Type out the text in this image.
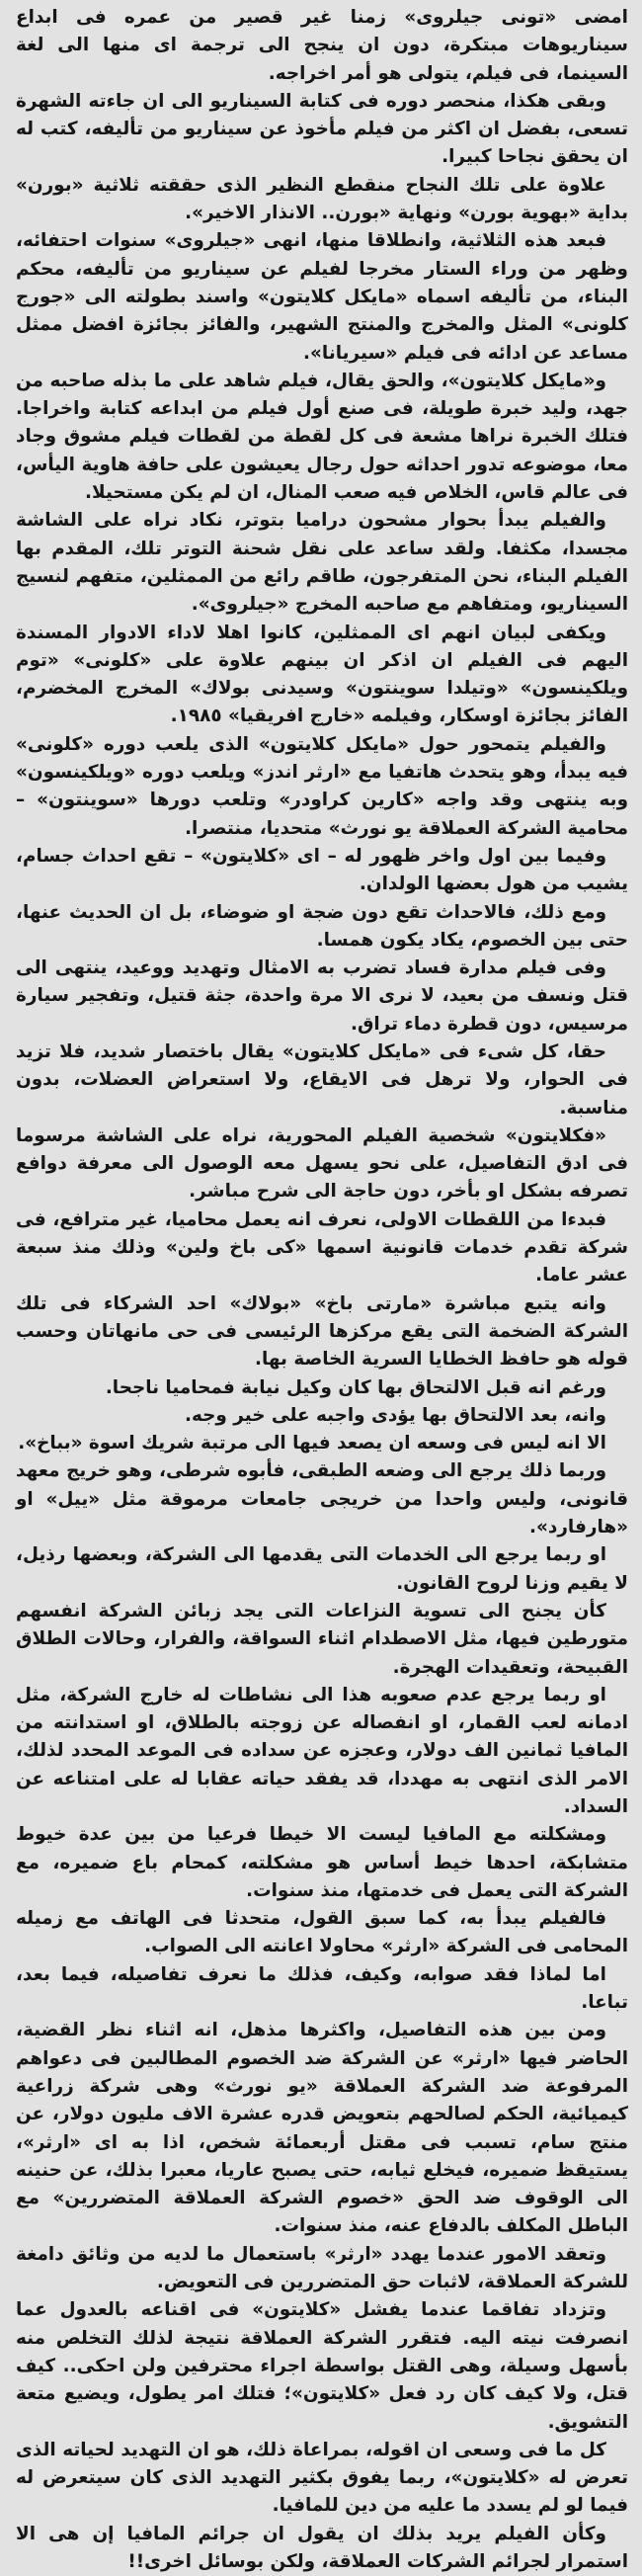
امضى «تونى جيلروى» زمنا غير قصير من عمره فى ابداع سيناريوهات مبتكرة، دون ان ينجح الى ترجمة اى منها الى لغة السينما، فى فيلم، يتولى هو أمر اخراجه.

وبقى هكذا، منحصر دوره فى كتابة السيناريو الى ان جاءته الشهرة تسعى، بفضل ان اكثر من فيلم مأخوذ عن سيناريو من تأليفه، كتب له ان يحقق نجاحا كبيرا.

علاوة على تلك النجاح منقطع النظير الذى حققته ثلاثية «بورن» بداية «بهوية بورن» ونهاية «بورن.. الانذار الاخير».

فبعد هذه الثلاثية، وانطلاقا منها، انهى «جيلروى» سنوات احتفائه، وظهر من وراء الستار مخرجا لفيلم عن سيناريو من تأليفه، محكم البناء، من تأليفه اسماه «مايكل كلايتون» واسند بطولته الى «جورج كلونى» المثل والمخرج والمنتج الشهير، والفائز بجائزة افضل ممثل مساعد عن ادائه فى فيلم «سيريانا».

و«مايكل كلايتون»، والحق يقال، فيلم شاهد على ما بذله صاحبه من جهد، وليد خبرة طويلة، فى صنع أول فيلم من ابداعه كتابة واخراجا. فتلك الخبرة نراها مشعة فى كل لقطة من لقطات فيلم مشوق وجاد معا، موضوعه تدور احداثه حول رجال يعيشون على حافة هاوية اليأس، فى عالم قاس، الخلاص فيه صعب المنال، ان لم يكن مستحيلا.

والفيلم يبدأ بحوار مشحون دراميا بتوتر، نكاد نراه على الشاشة مجسدا، مكثفا. ولقد ساعد على نقل شحنة التوتر تلك، المقدم بها الفيلم البناء، نحن المتفرجون، طاقم رائع من الممثلين، متفهم لنسيج السيناريو، ومتفاهم مع صاحبه المخرج «جيلروى».

ويكفى لبيان انهم اى الممثلين، كانوا اهلا لاداء الادوار المسندة اليهم فى الفيلم ان اذكر ان بينهم علاوة على «كلونى» «توم ويلكينسون» «وتيلدا سوينتون» وسيدنى بولاك» المخرج المخضرم، الفائز بجائزة اوسكار، وفيلمه «خارج افريقيا» ١٩٨٥.

والفيلم يتمحور حول «مايكل كلايتون» الذى يلعب دوره «كلونى» فيه يبدأ، وهو يتحدث هاتفيا مع «ارثر اندز» ويلعب دوره «ويلكينسون» وبه ينتهى وقد واجه «كارين كراودر» وتلعب دورها «سوينتون» – محامية الشركة العملاقة يو نورث» متحديا، منتصرا.

وفيما بين اول واخر ظهور له – اى «كلايتون» – تقع احداث جسام، يشيب من هول بعضها الولدان.

ومع ذلك، فالاحداث تقع دون ضجة او ضوضاء، بل ان الحديث عنها، حتى بين الخصوم، يكاد يكون همسا.

وفى فيلم مدارة فساد تضرب به الامثال وتهديد ووعيد، ينتهى الى قتل ونسف من بعيد، لا نرى الا مرة واحدة، جثة قتيل، وتفجير سيارة مرسيس، دون قطرة دماء تراق.

حقا، كل شىء فى «مايكل كلايتون» يقال باختصار شديد، فلا تزيد فى الحوار، ولا ترهل فى الايقاع، ولا استعراض العضلات، بدون مناسبة.

«فكلايتون» شخصية الفيلم المحورية، نراه على الشاشة مرسوما فى ادق التفاصيل، على نحو يسهل معه الوصول الى معرفة دوافع تصرفه بشكل او بأخر، دون حاجة الى شرح مباشر.

فبدءا من اللقطات الاولى، نعرف انه يعمل محاميا، غير مترافع، فى شركة تقدم خدمات قانونية اسمها «كى باخ ولين» وذلك منذ سبعة عشر عاما.

وانه يتبع مباشرة «مارتى باخ» «بولاك» احد الشركاء فى تلك الشركة الضخمة التى يقع مركزها الرئيسى فى حى مانهاتان وحسب قوله هو حافظ الخطايا السرية الخاصة بها.

ورغم انه قبل الالتحاق بها كان وكيل نيابة فمحاميا ناجحا.

وانه، بعد الالتحاق بها يؤدى واجبه على خير وجه.

الا انه ليس فى وسعه ان يصعد فيها الى مرتبة شريك اسوة «بباخ».

وربما ذلك يرجع الى وضعه الطبقى، فأبوه شرطى، وهو خريج معهد قانونى، وليس واحدا من خريجى جامعات مرموقة مثل «ييل» او «هارفارد».

او ربما يرجع الى الخدمات التى يقدمها الى الشركة، وبعضها رذيل، لا يقيم وزنا لروح القانون.

كأن يجنح الى تسوية النزاعات التى يجد زبائن الشركة انفسهم متورطين فيها، مثل الاصطدام اثناء السواقة، والفرار، وحالات الطلاق القبيحة، وتعقيدات الهجرة.

او ربما يرجع عدم صعوبه هذا الى نشاطات له خارج الشركة، مثل ادمانه لعب القمار، او انفصاله عن زوجته بالطلاق، او استدانته من المافيا ثمانين الف دولار، وعجزه عن سداده فى الموعد المحدد لذلك، الامر الذى انتهى به مهددا، قد يفقد حياته عقابا له على امتناعه عن السداد.

ومشكلته مع المافيا ليست الا خيطا فرعيا من بين عدة خيوط متشابكة، احدها خيط أساس هو مشكلته، كمحام باع ضميره، مع الشركة التى يعمل فى خدمتها، منذ سنوات.

فالفيلم يبدأ به، كما سبق القول، متحدثا فى الهاتف مع زميله المحامى فى الشركة «ارثر» محاولا اعانته الى الصواب.

اما لماذا فقد صوابه، وكيف، فذلك ما نعرف تفاصيله، فيما بعد، تباعا.

ومن بين هذه التفاصيل، واكثرها مذهل، انه اثناء نظر القضية، الحاضر فيها «ارثر» عن الشركة ضد الخصوم المطالبين فى دعواهم المرفوعة ضد الشركة العملاقة «يو نورث» وهى شركة زراعية كيميائية، الحكم لصالحهم بتعويض قدره عشرة الاف مليون دولار، عن منتج سام، تسبب فى مقتل أربعمائة شخص، اذا به اى «ارثر»، يستيقظ ضميره، فيخلع ثيابه، حتى يصبح عاريا، معبرا بذلك، عن حنينه الى الوقوف ضد الحق «خصوم الشركة العملاقة المتضررين» مع الباطل المكلف بالدفاع عنه، منذ سنوات.

وتعقد الامور عندما يهدد «ارثر» باستعمال ما لديه من وثائق دامغة للشركة العملاقة، لاثبات حق المتضررين فى التعويض.

وتزداد تفاقما عندما يفشل «كلايتون» فى اقناعه بالعدول عما انصرفت نيته اليه. فتقرر الشركة العملاقة نتيجة لذلك التخلص منه بأسهل وسيلة، وهى القتل بواسطة اجراء محترفين ولن احكى.. كيف قتل، ولا كيف كان رد فعل «كلايتون»؛ فتلك امر يطول، ويضيع متعة التشويق.

كل ما فى وسعى ان اقوله، بمراعاة ذلك، هو ان التهديد لحياته الذى تعرض له «كلايتون»، ربما يفوق بكثير التهديد الذى كان سيتعرض له فيما لو لم يسدد ما عليه من دين للمافيا.

وكأن الفيلم يريد بذلك ان يقول ان جرائم المافيا إن هى الا استمرار لجرائم الشركات العملاقة، ولكن بوسائل اخرى!!
